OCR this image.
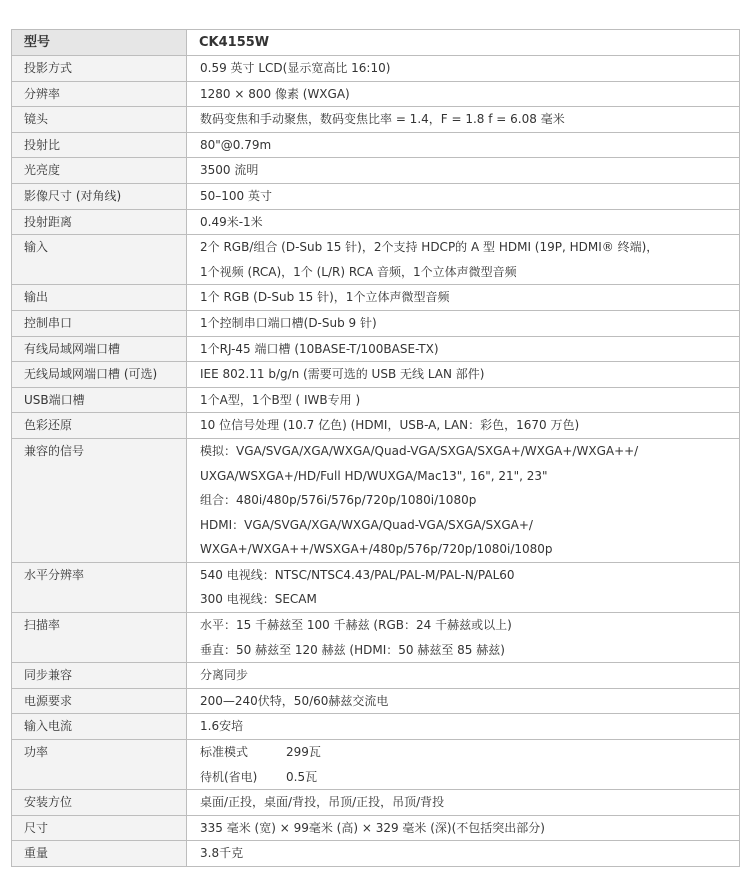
型号	CK4155W
投影方式	0.59 英寸 LCD(显示宽高比 16:10)

分辨率	1280 × 800 像素 (WXGA)

镜头	数码变焦和手动聚焦，数码变焦比率 = 1.4，F = 1.8 f = 6.08 毫米

投射比	80"@0.79m

光亮度	3500 流明

影像尺寸 (对角线)	50–100 英寸

投射距离	0.49米-1米

输入	2个 RGB/组合 (D-Sub 15 针)，2个支持 HDCP的 A 型 HDMI (19P, HDMI® 终端)，
1个视频 (RCA)，1个 (L/R) RCA 音频，1个立体声微型音频

输出	1个 RGB (D-Sub 15 针)，1个立体声微型音频

控制串口	1个控制串口端口槽(D-Sub 9 针)

有线局域网端口槽	1个RJ-45 端口槽 (10BASE-T/100BASE-TX)

无线局域网端口槽 (可选)	IEE 802.11 b/g/n (需要可选的 USB 无线 LAN 部件)

USB端口槽	1个A型，1个B型 ( IWB专用 )

色彩还原	10 位信号处理 (10.7 亿色) (HDMI，USB-A, LAN：彩色，1670 万色)

兼容的信号	模拟：VGA/SVGA/XGA/WXGA/Quad-VGA/SXGA/SXGA+/WXGA+/WXGA++/
UXGA/WSXGA+/HD/Full HD/WUXGA/Mac13", 16", 21", 23"
组合：480i/480p/576i/576p/720p/1080i/1080p
HDMI：VGA/SVGA/XGA/WXGA/Quad-VGA/SXGA/SXGA+/
WXGA+/WXGA++/WSXGA+/480p/576p/720p/1080i/1080p

水平分辨率	540 电视线：NTSC/NTSC4.43/PAL/PAL-M/PAL-N/PAL60
300 电视线：SECAM

扫描率	水平：15 千赫兹至 100 千赫兹 (RGB：24 千赫兹或以上)
垂直：50 赫兹至 120 赫兹 (HDMI：50 赫兹至 85 赫兹)

同步兼容	分离同步

电源要求	200—240伏特，50/60赫兹交流电

输入电流	1.6安培

功率	标准模式 299瓦
待机(省电) 0.5瓦

安装方位	桌面/正投，桌面/背投，吊顶/正投，吊顶/背投

尺寸	335 毫米 (宽) × 99毫米 (高) × 329 毫米 (深)(不包括突出部分)

重量	3.8千克
